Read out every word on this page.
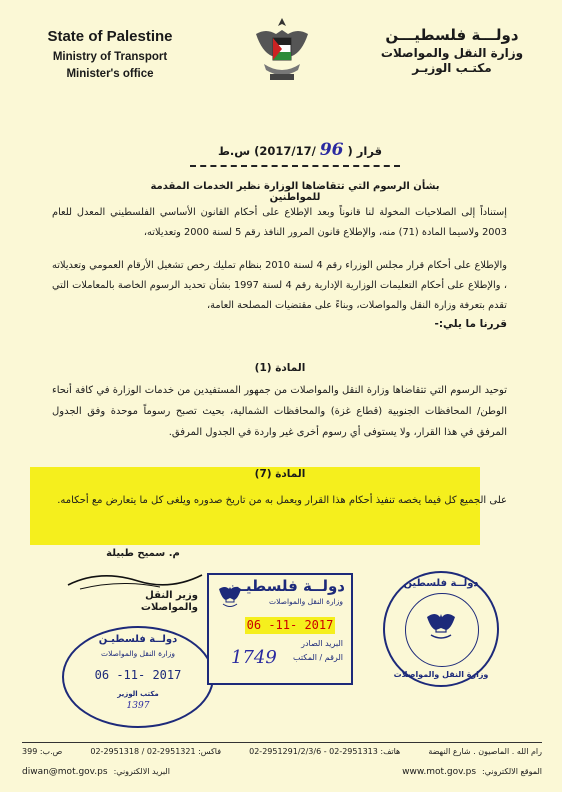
State of Palestine
Ministry of Transport
Minister's office
دولـــة فلسطيـــن
وزارة النقل والمواصلات
مكتـب الوزيـر
قرار ( 96 /2017/17) س.ط
بشأن الرسوم التي تتقاضاها الوزارة نظير الخدمات المقدمة للمواطنين
إستناداً إلى الصلاحيات المخولة لنا قانوناً وبعد الإطلاع على أحكام القانون الأساسي الفلسطيني المعدل للعام 2003 ولاسيما المادة (71) منه، والإطلاع قانون المرور النافذ رقم 5 لسنة 2000 وتعديلاته،
والإطلاع على أحكام قرار مجلس الوزراء رقم 4 لسنة 2010 بنظام تمليك رخص تشغيل الأرقام العمومي وتعديلاته ، والإطلاع على أحكام التعليمات الوزارية الإدارية رقم 4 لسنة 1997 بشأن تحديد الرسوم الخاصة بالمعاملات التي تقدم بتعرفة وزارة النقل والمواصلات، وبناءً على مقتضيات المصلحة العامة،
قررنا ما يلي:-
المادة (1)
توحيد الرسوم التي تتقاضاها وزارة النقل والمواصلات من جمهور المستفيدين من خدمات الوزارة في كافة أنحاء الوطن/ المحافظات الجنوبية (قطاع غزة) والمحافظات الشمالية، بحيث تصبح رسوماً موحدة وفق الجدول المرفق في هذا القرار، ولا يستوفى أي رسوم أخرى غير واردة في الجدول المرفق.
المادة (7)
على الجميع كل فيما يخصه تنفيذ أحكام هذا القرار ويعمل به من تاريخ صدوره ويلغى كل ما يتعارض مع أحكامه.
م. سميح طبيلة
وزير النقل والمواصلات
دولــة فلسطيـن
وزارة النقل والمواصلات
06 -11- 2017
مكتب الوزير
1397
دولــة فلسطيـن
وزارة النقل والمواصلات
06 -11- 2017
البريد الصادر
الرقم / المكتب
1749
دولــة فلسطين
وزارة النقل والمواصلات
رام الله . الماصيون . شارع النهضة
هاتف: 02-2951291/2/3/6 - 02-2951313
فاكس: 02-2951318 / 02-2951321
ص.ب: 399
diwan@mot.gov.ps البريد الالكتروني:	www.mot.gov.ps الموقع الالكتروني:
